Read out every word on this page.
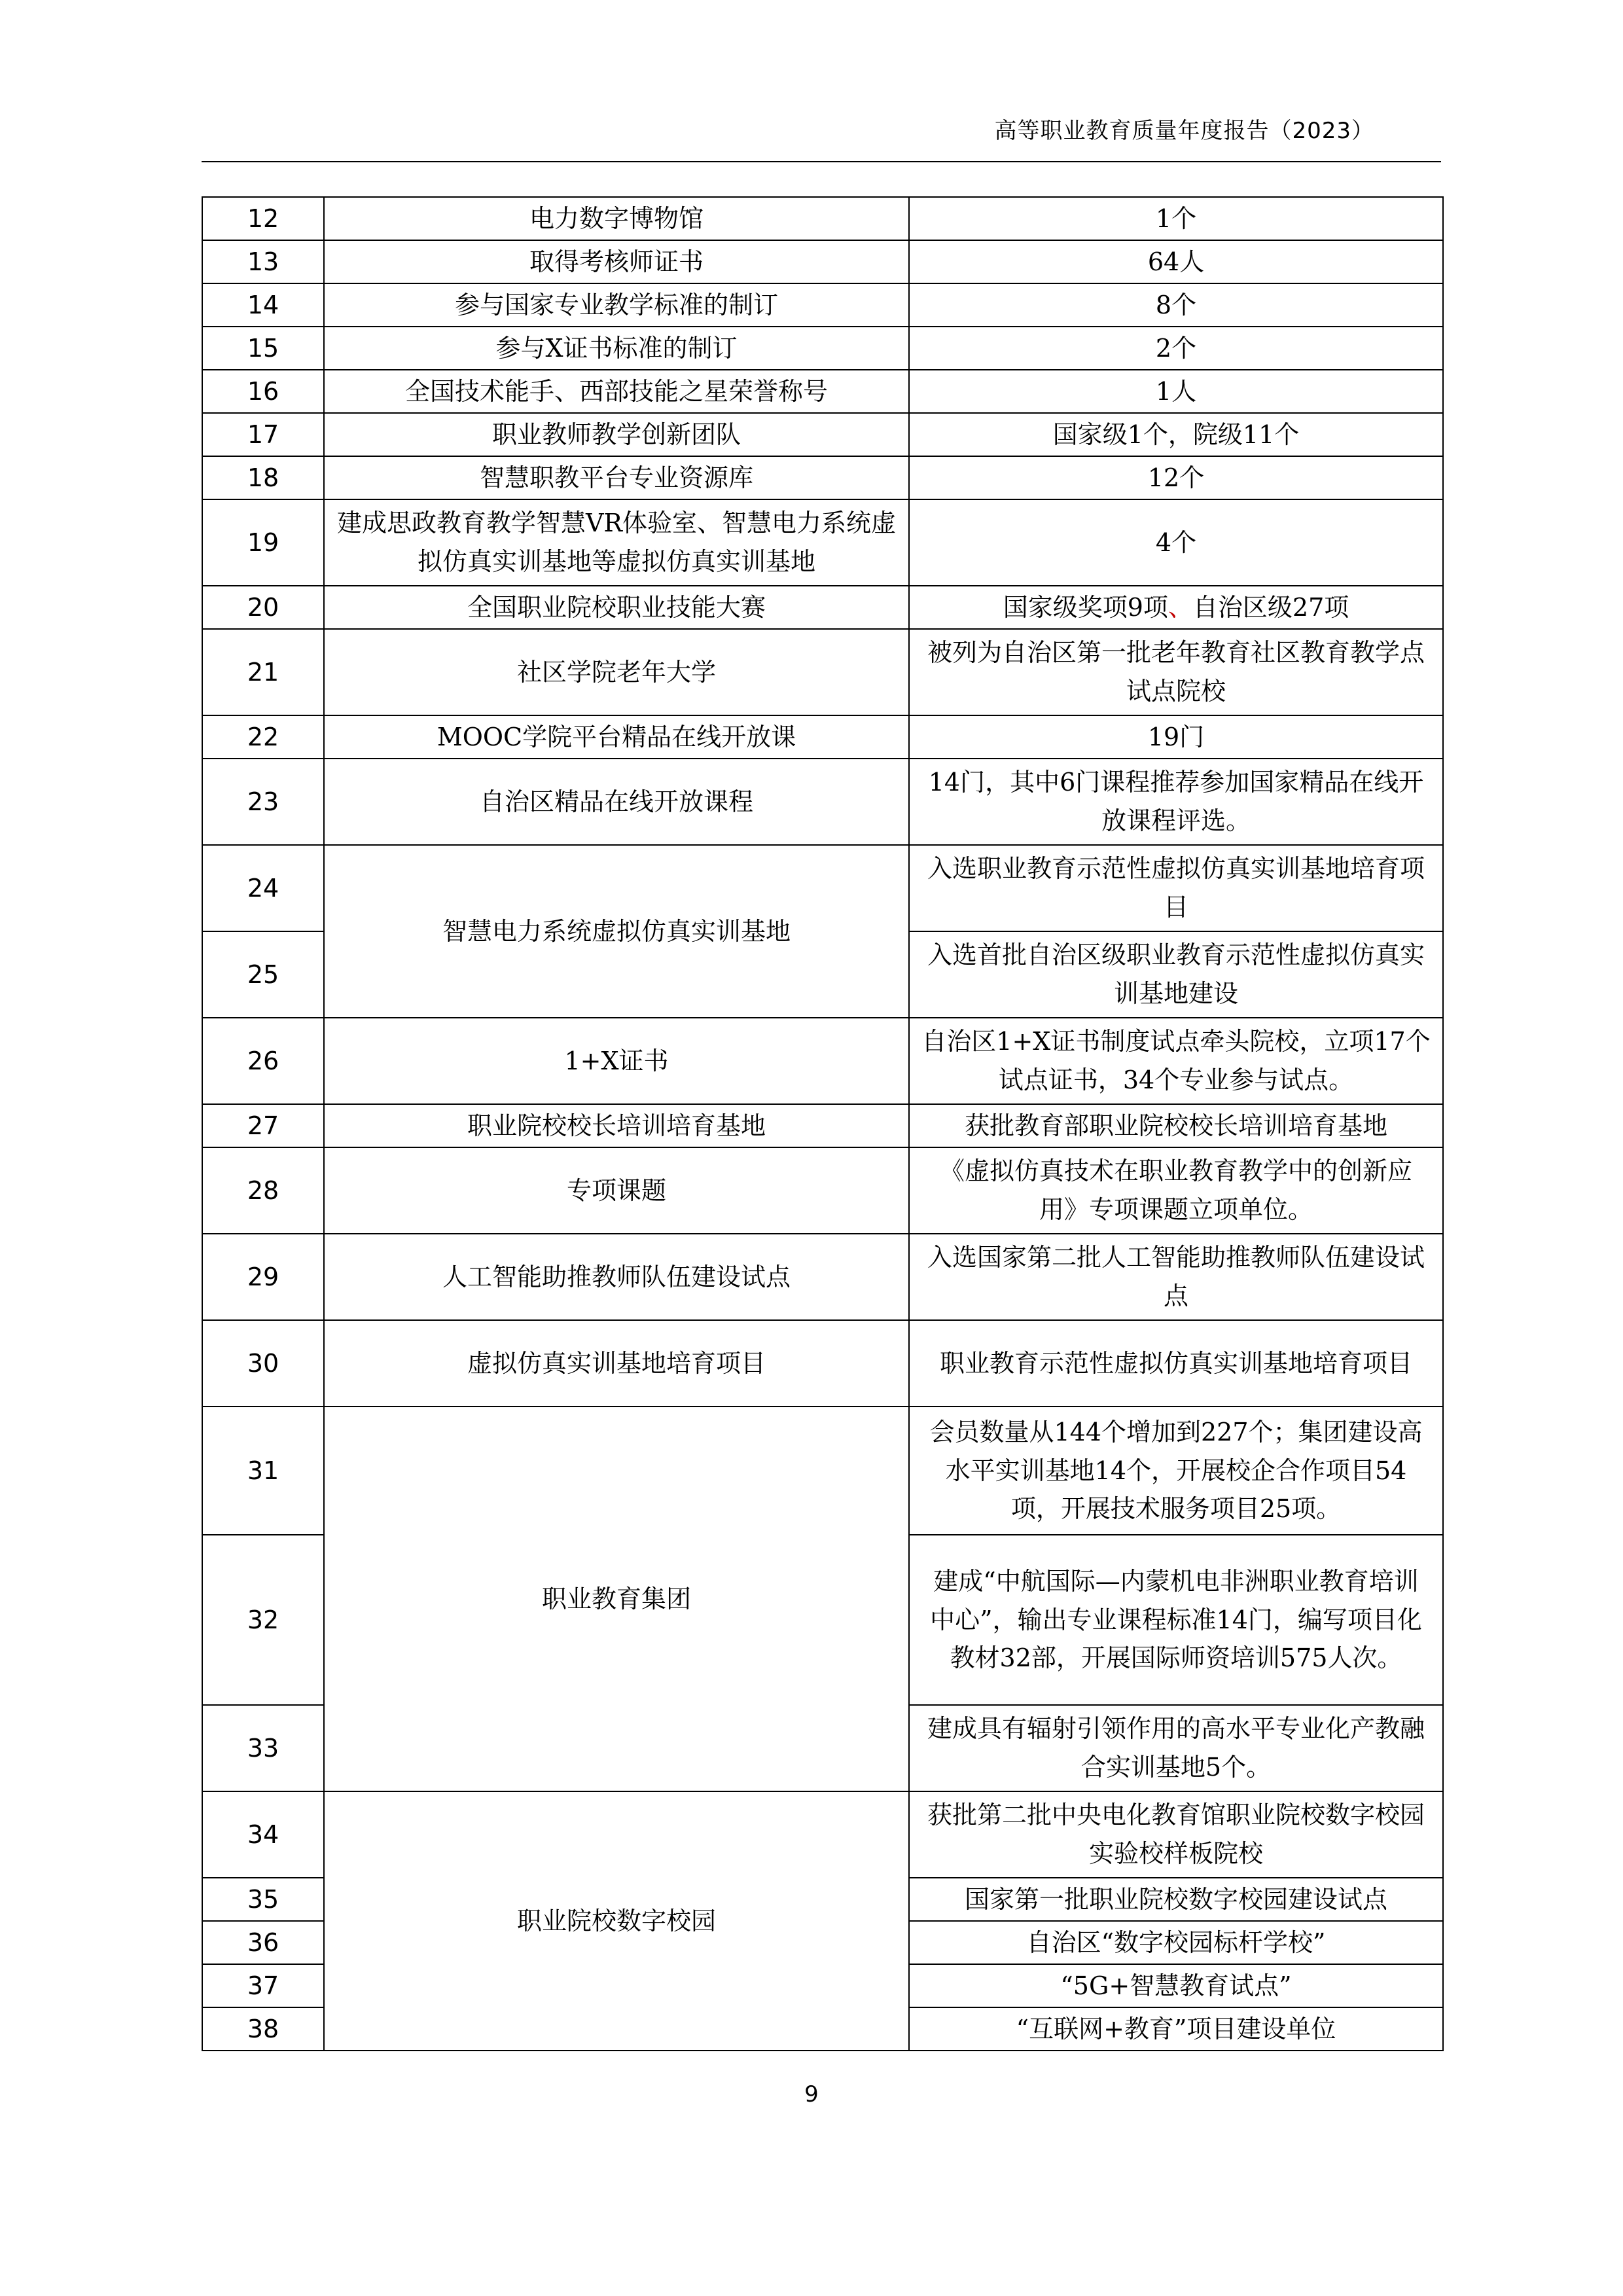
高等职业教育质量年度报告（2023）
12	电力数字博物馆	1个
13	取得考核师证书	64人
14	参与国家专业教学标准的制订	8个
15	参与X证书标准的制订	2个
16	全国技术能手、西部技能之星荣誉称号	1人
17	职业教师教学创新团队	国家级1个，院级11个
18	智慧职教平台专业资源库	12个
19	建成思政教育教学智慧VR体验室、智慧电力系统虚拟仿真实训基地等虚拟仿真实训基地	4个
20	全国职业院校职业技能大赛	国家级奖项9项、自治区级27项
21	社区学院老年大学	被列为自治区第一批老年教育社区教育教学点试点院校
22	MOOC学院平台精品在线开放课	19门
23	自治区精品在线开放课程	14门，其中6门课程推荐参加国家精品在线开放课程评选。
24	智慧电力系统虚拟仿真实训基地	入选职业教育示范性虚拟仿真实训基地培育项目
25		入选首批自治区级职业教育示范性虚拟仿真实训基地建设
26	1+X证书	自治区1+X证书制度试点牵头院校，立项17个试点证书，34个专业参与试点。
27	职业院校校长培训培育基地	获批教育部职业院校校长培训培育基地
28	专项课题	《虚拟仿真技术在职业教育教学中的创新应用》专项课题立项单位。
29	人工智能助推教师队伍建设试点	入选国家第二批人工智能助推教师队伍建设试点
30	虚拟仿真实训基地培育项目	职业教育示范性虚拟仿真实训基地培育项目
31	职业教育集团	会员数量从144个增加到227个；集团建设高水平实训基地14个，开展校企合作项目54项，开展技术服务项目25项。
32		建成“中航国际—内蒙机电非洲职业教育培训中心”，输出专业课程标准14门，编写项目化教材32部，开展国际师资培训575人次。
33		建成具有辐射引领作用的高水平专业化产教融合实训基地5个。
34	职业院校数字校园	获批第二批中央电化教育馆职业院校数字校园实验校样板院校
35		国家第一批职业院校数字校园建设试点
36		自治区“数字校园标杆学校”
37		“5G+智慧教育试点”
38		“互联网+教育”项目建设单位
9
